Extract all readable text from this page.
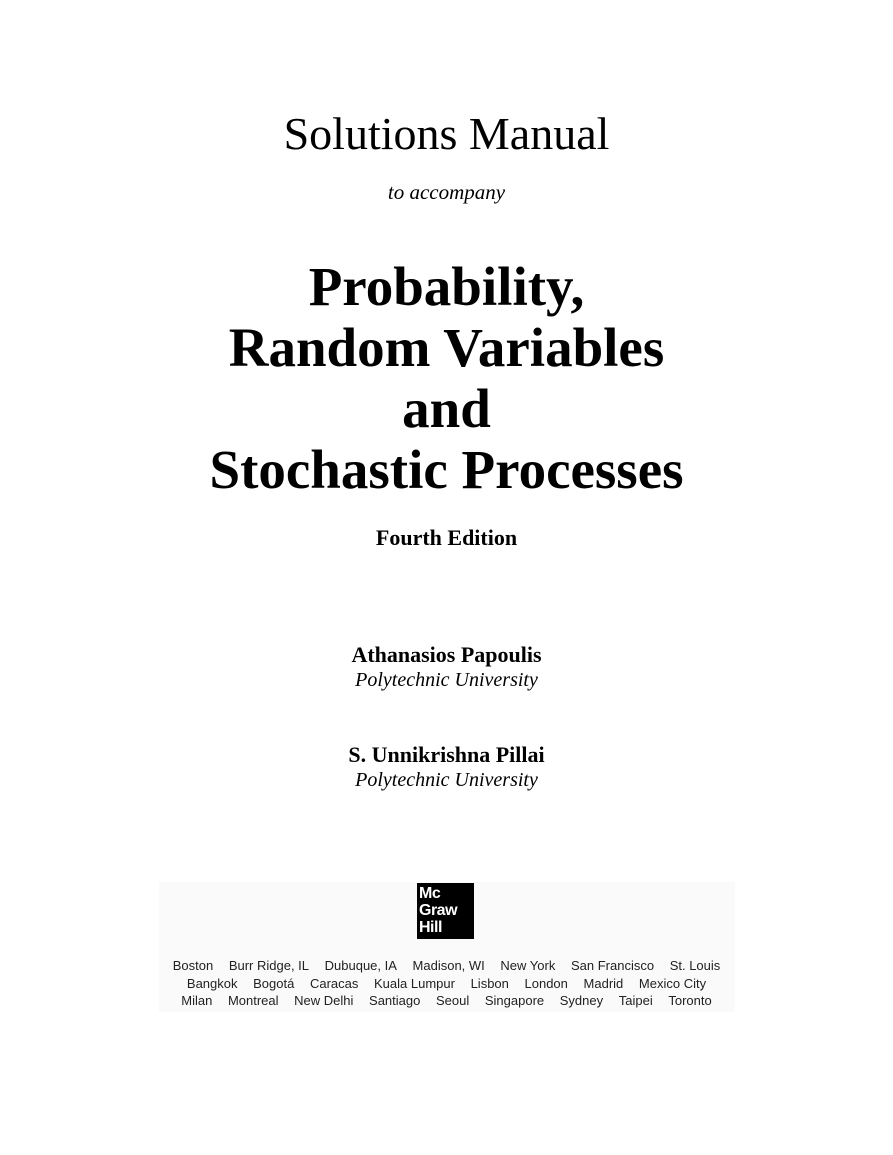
Solutions Manual
to accompany
Probability,
Random Variables
and
Stochastic Processes
Fourth Edition
Athanasios Papoulis
Polytechnic University
S. Unnikrishna Pillai
Polytechnic University
Mc
Graw
Hill
Boston Burr Ridge, IL Dubuque, IA Madison, WI New York San Francisco St. Louis
Bangkok Bogotá Caracas Kuala Lumpur Lisbon London Madrid Mexico City
Milan Montreal New Delhi Santiago Seoul Singapore Sydney Taipei Toronto
